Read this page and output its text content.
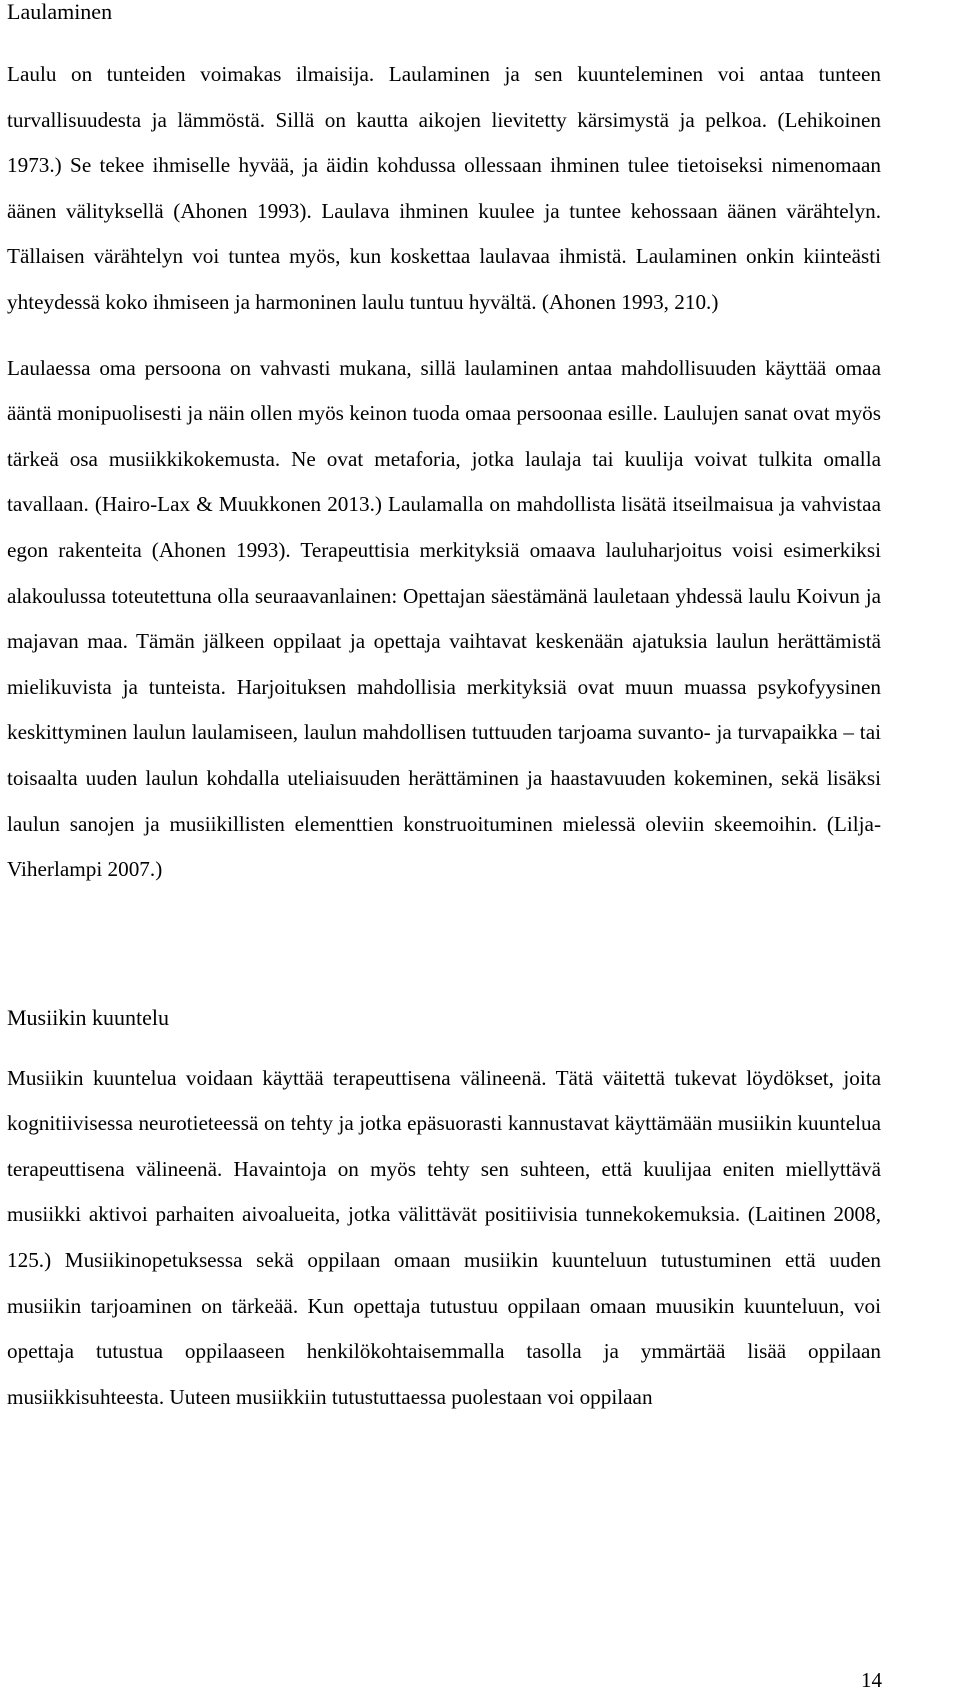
Laulaminen

Laulu on tunteiden voimakas ilmaisija. Laulaminen ja sen kuunteleminen voi antaa tunteen turvallisuudesta ja lämmöstä. Sillä on kautta aikojen lievitetty kärsimystä ja pelkoa. (Lehikoinen 1973.) Se tekee ihmiselle hyvää, ja äidin kohdussa ollessaan ihminen tulee tietoiseksi nimenomaan äänen välityksellä (Ahonen 1993). Laulava ihminen kuulee ja tuntee kehossaan äänen värähtelyn. Tällaisen värähtelyn voi tuntea myös, kun koskettaa laulavaa ihmistä. Laulaminen onkin kiinteästi yhteydessä koko ihmiseen ja harmoninen laulu tuntuu hyvältä. (Ahonen 1993, 210.)

Laulaessa oma persoona on vahvasti mukana, sillä laulaminen antaa mahdollisuuden käyttää omaa ääntä monipuolisesti ja näin ollen myös keinon tuoda omaa persoonaa esille. Laulujen sanat ovat myös tärkeä osa musiikkikokemusta. Ne ovat metaforia, jotka laulaja tai kuulija voivat tulkita omalla tavallaan. (Hairo-Lax & Muukkonen 2013.) Laulamalla on mahdollista lisätä itseilmaisua ja vahvistaa egon rakenteita (Ahonen 1993). Terapeuttisia merkityksiä omaava lauluharjoitus voisi esimerkiksi alakoulussa toteutettuna olla seuraavanlainen: Opettajan säestämänä lauletaan yhdessä laulu Koivun ja majavan maa. Tämän jälkeen oppilaat ja opettaja vaihtavat keskenään ajatuksia laulun herättämistä mielikuvista ja tunteista. Harjoituksen mahdollisia merkityksiä ovat muun muassa psykofyysinen keskittyminen laulun laulamiseen, laulun mahdollisen tuttuuden tarjoama suvanto- ja turvapaikka – tai toisaalta uuden laulun kohdalla uteliaisuuden herättäminen ja haastavuuden kokeminen, sekä lisäksi laulun sanojen ja musiikillisten elementtien konstruoituminen mielessä oleviin skeemoihin. (Lilja-Viherlampi 2007.)

Musiikin kuuntelu

Musiikin kuuntelua voidaan käyttää terapeuttisena välineenä. Tätä väitettä tukevat löydökset, joita kognitiivisessa neurotieteessä on tehty ja jotka epäsuorasti kannustavat käyttämään musiikin kuuntelua terapeuttisena välineenä. Havaintoja on myös tehty sen suhteen, että kuulijaa eniten miellyttävä musiikki aktivoi parhaiten aivoalueita, jotka välittävät positiivisia tunnekokemuksia. (Laitinen 2008, 125.) Musiikinopetuksessa sekä oppilaan omaan musiikin kuunteluun tutustuminen että uuden musiikin tarjoaminen on tärkeää. Kun opettaja tutustuu oppilaan omaan muusikin kuunteluun, voi opettaja tutustua oppilaaseen henkilökohtaisemmalla tasolla ja ymmärtää lisää oppilaan musiikkisuhteesta. Uuteen musiikkiin tutustuttaessa puolestaan voi oppilaan

14
